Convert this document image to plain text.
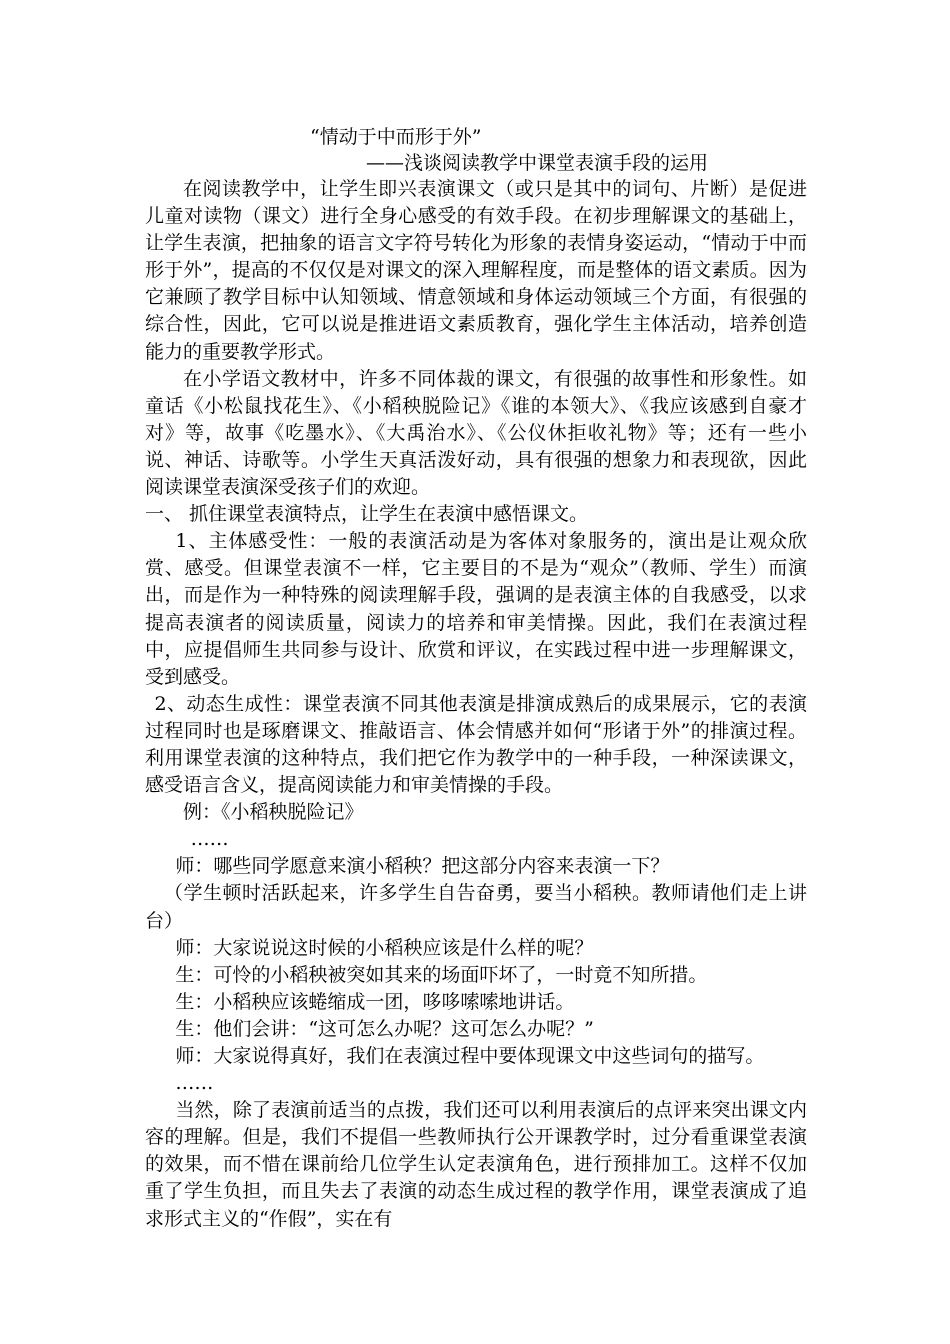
“情动于中而形于外”
——浅谈阅读教学中课堂表演手段的运用

在阅读教学中，让学生即兴表演课文（或只是其中的词句、片断）是促进儿童对读物（课文）进行全身心感受的有效手段。在初步理解课文的基础上，让学生表演，把抽象的语言文字符号转化为形象的表情身姿运动，“情动于中而形于外”，提高的不仅仅是对课文的深入理解程度，而是整体的语文素质。因为它兼顾了教学目标中认知领域、情意领域和身体运动领域三个方面，有很强的综合性，因此，它可以说是推进语文素质教育，强化学生主体活动，培养创造能力的重要教学形式。

在小学语文教材中，许多不同体裁的课文，有很强的故事性和形象性。如童话《小松鼠找花生》、《小稻秧脱险记》《谁的本领大》、《我应该感到自豪才对》等，故事《吃墨水》、《大禹治水》、《公仪休拒收礼物》等；还有一些小说、神话、诗歌等。小学生天真活泼好动，具有很强的想象力和表现欲，因此阅读课堂表演深受孩子们的欢迎。

一、 抓住课堂表演特点，让学生在表演中感悟课文。

1、主体感受性：一般的表演活动是为客体对象服务的，演出是让观众欣赏、感受。但课堂表演不一样，它主要目的不是为“观众”（教师、学生）而演出，而是作为一种特殊的阅读理解手段，强调的是表演主体的自我感受，以求提高表演者的阅读质量，阅读力的培养和审美情操。因此，我们在表演过程中，应提倡师生共同参与设计、欣赏和评议，在实践过程中进一步理解课文，受到感受。

2、动态生成性：课堂表演不同其他表演是排演成熟后的成果展示，它的表演过程同时也是琢磨课文、推敲语言、体会情感并如何“形诸于外”的排演过程。利用课堂表演的这种特点，我们把它作为教学中的一种手段，一种深读课文，感受语言含义，提高阅读能力和审美情操的手段。

例：《小稻秧脱险记》

……

师：哪些同学愿意来演小稻秧？把这部分内容来表演一下？

（学生顿时活跃起来，许多学生自告奋勇，要当小稻秧。教师请他们走上讲台）

师：大家说说这时候的小稻秧应该是什么样的呢？

生：可怜的小稻秧被突如其来的场面吓坏了，一时竟不知所措。

生：小稻秧应该蜷缩成一团，哆哆嗦嗦地讲话。

生：他们会讲：“这可怎么办呢？这可怎么办呢？”

师：大家说得真好，我们在表演过程中要体现课文中这些词句的描写。

……

当然，除了表演前适当的点拨，我们还可以利用表演后的点评来突出课文内容的理解。但是，我们不提倡一些教师执行公开课教学时，过分看重课堂表演的效果，而不惜在课前给几位学生认定表演角色，进行预排加工。这样不仅加重了学生负担，而且失去了表演的动态生成过程的教学作用，课堂表演成了追求形式主义的“作假”，实在有
